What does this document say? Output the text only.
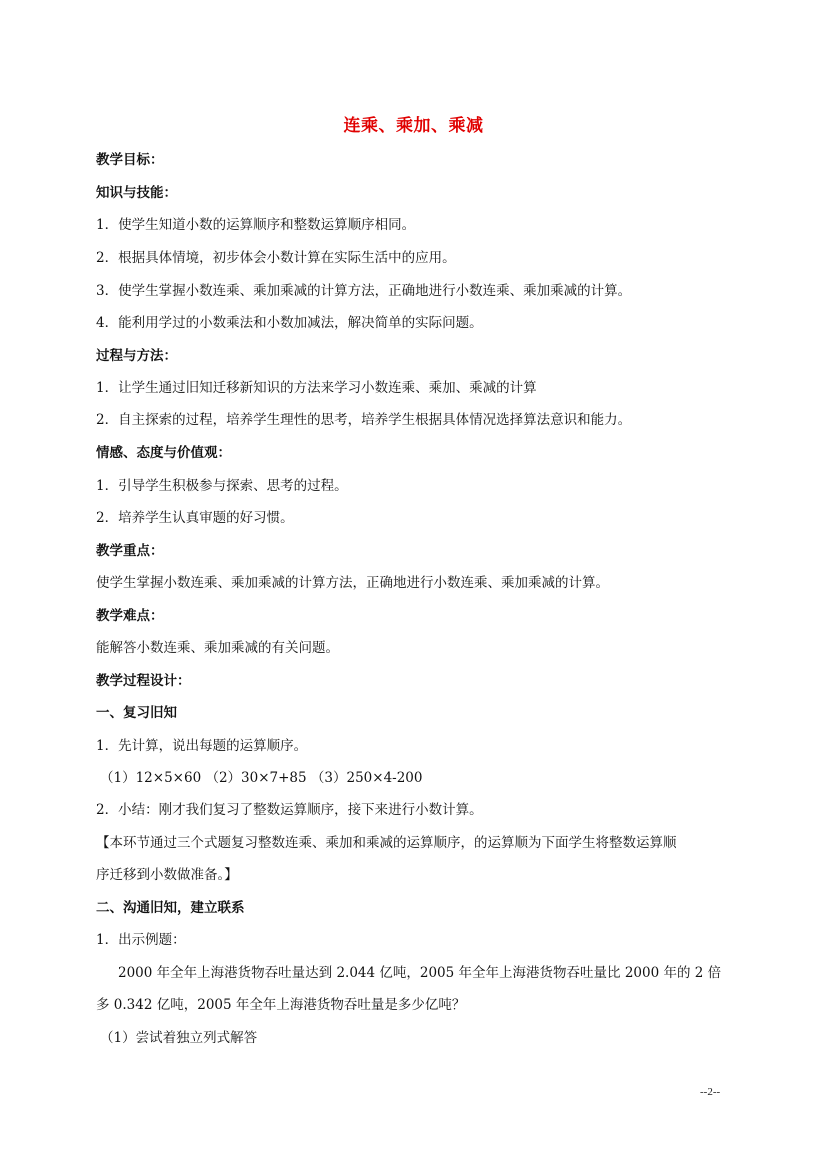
连乘、乘加、乘减
教学目标：
知识与技能：
1．使学生知道小数的运算顺序和整数运算顺序相同。
2．根据具体情境，初步体会小数计算在实际生活中的应用。
3．使学生掌握小数连乘、乘加乘减的计算方法，正确地进行小数连乘、乘加乘减的计算。
4．能利用学过的小数乘法和小数加减法，解决简单的实际问题。
过程与方法：
1．让学生通过旧知迁移新知识的方法来学习小数连乘、乘加、乘减的计算
2．自主探索的过程，培养学生理性的思考，培养学生根据具体情况选择算法意识和能力。
情感、态度与价值观：
1．引导学生积极参与探索、思考的过程。
2．培养学生认真审题的好习惯。
教学重点：
使学生掌握小数连乘、乘加乘减的计算方法，正确地进行小数连乘、乘加乘减的计算。
教学难点：
能解答小数连乘、乘加乘减的有关问题。
教学过程设计：
一、复习旧知
1．先计算，说出每题的运算顺序。
（1）12×5×60 （2）30×7+85 （3）250×4-200
2．小结：刚才我们复习了整数运算顺序，接下来进行小数计算。
【本环节通过三个式题复习整数连乘、乘加和乘减的运算顺序，的运算顺为下面学生将整数运算顺
序迁移到小数做准备。】
二、沟通旧知，建立联系
1．出示例题：
2000 年全年上海港货物吞吐量达到 2.044 亿吨，2005 年全年上海港货物吞吐量比 2000 年的 2 倍
多 0.342 亿吨，2005 年全年上海港货物吞吐量是多少亿吨？
（1）尝试着独立列式解答
--2--
